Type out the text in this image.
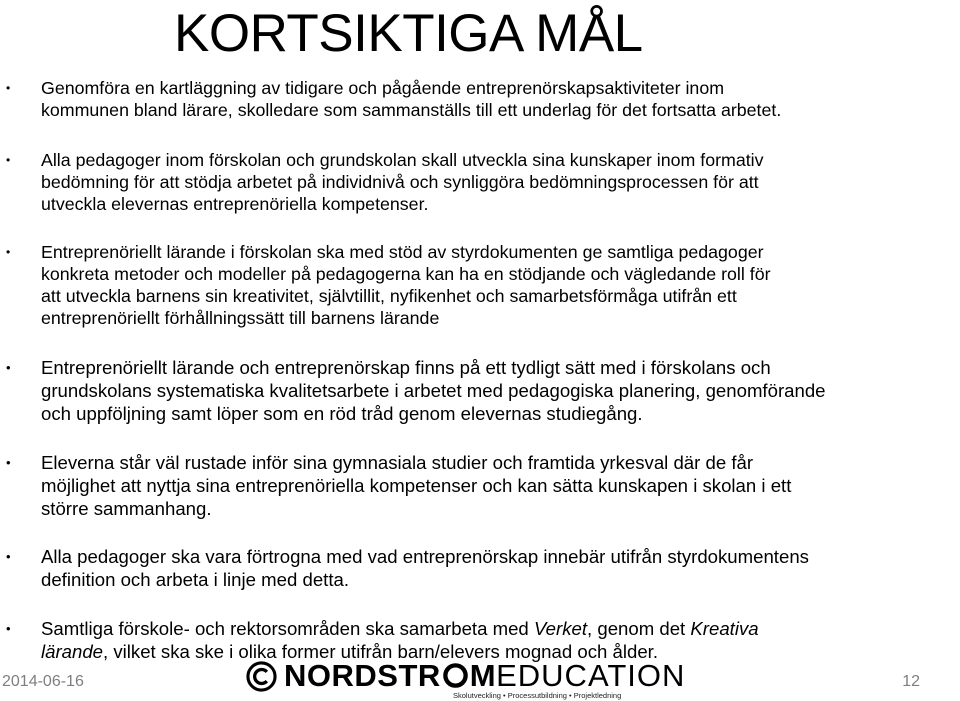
KORTSIKTIGA MÅL
• Genomföra en kartläggning av tidigare och pågående entreprenörskapsaktiviteter inom
kommunen bland lärare, skolledare som sammanställs till ett underlag för det fortsatta arbetet.
• Alla pedagoger inom förskolan och grundskolan skall utveckla sina kunskaper inom formativ
bedömning för att stödja arbetet på individnivå och synliggöra bedömningsprocessen för att
utveckla elevernas entreprenöriella kompetenser.
• Entreprenöriellt lärande i förskolan ska med stöd av styrdokumenten ge samtliga pedagoger
konkreta metoder och modeller på pedagogerna kan ha en stödjande och vägledande roll för
att utveckla barnens sin kreativitet, självtillit, nyfikenhet och samarbetsförmåga utifrån ett
entreprenöriellt förhållningssätt till barnens lärande
• Entreprenöriellt lärande och entreprenörskap finns på ett tydligt sätt med i förskolans och
grundskolans systematiska kvalitetsarbete i arbetet med pedagogiska planering, genomförande
och uppföljning samt löper som en röd tråd genom elevernas studiegång.
• Eleverna står väl rustade inför sina gymnasiala studier och framtida yrkesval där de får
möjlighet att nyttja sina entreprenöriella kompetenser och kan sätta kunskapen i skolan i ett
större sammanhang.
• Alla pedagoger ska vara förtrogna med vad entreprenörskap innebär utifrån styrdokumentens
definition och arbeta i linje med detta.
• Samtliga förskole- och rektorsområden ska samarbeta med Verket, genom det Kreativa
lärande, vilket ska ske i olika former utifrån barn/elevers mognad och ålder.
2014-06-16	NORDSTR MEDUCATION
Skolutveckling • Processutbildning • Projektledning
12
